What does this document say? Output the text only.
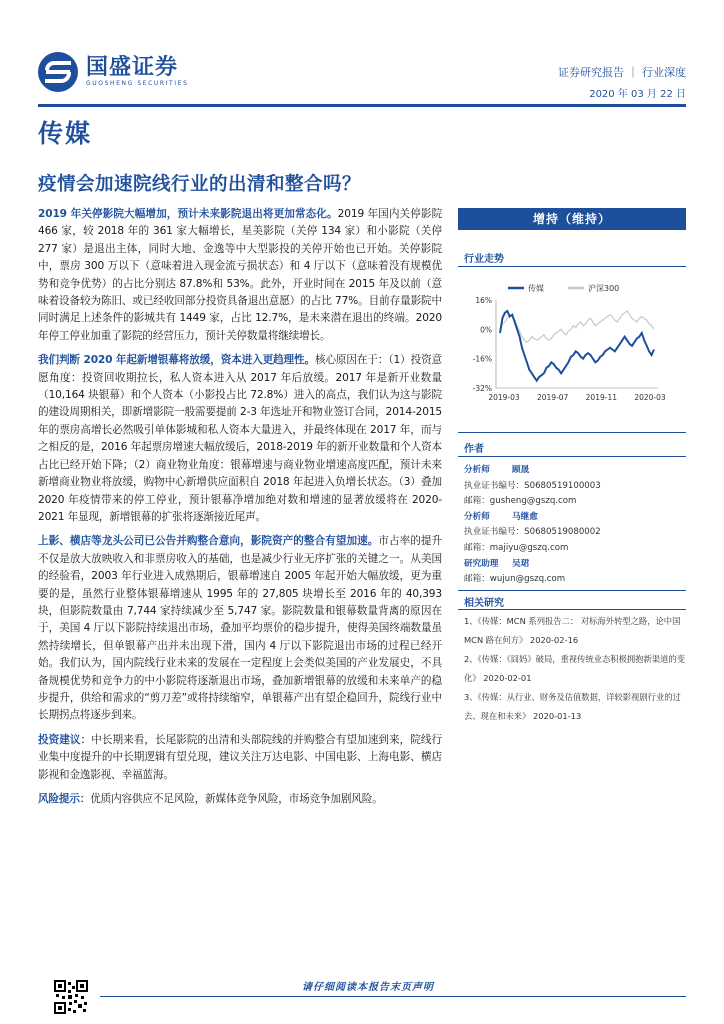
国盛证券
GUOSHENG SECURITIES
证券研究报告 ｜ 行业深度
2020 年 03 月 22 日
传媒
疫情会加速院线行业的出清和整合吗？

2019 年关停影院大幅增加，预计未来影院退出将更加常态化。2019 年国内关停影院 466 家，较 2018 年的 361 家大幅增长，星美影院（关停 134 家）和小影院（关停 277 家）是退出主体，同时大地、金逸等中大型影投的关停开始也已开始。关停影院中，票房 300 万以下（意味着进入现金流亏损状态）和 4 厅以下（意味着没有规模优势和竞争优势）的占比分别达 87.8%和 53%。此外，开业时间在 2015 年及以前（意味着设备较为陈旧、或已经收回部分投资具备退出意愿）的占比 77%。目前存量影院中同时满足上述条件的影城共有 1449 家，占比 12.7%，是未来潜在退出的终端。2020 年停工停业加重了影院的经营压力，预计关停数量将继续增长。

我们判断 2020 年起新增银幕将放缓，资本进入更趋理性。核心原因在于：（1）投资意愿角度：投资回收期拉长，私人资本进入从 2017 年后放缓。2017 年是新开业数量（10,164 块银幕）和个人资本（小影投占比 72.8%）进入的高点，我们认为这与影院的建设周期相关，即新增影院一般需要提前 2-3 年选址开和物业签订合同，2014-2015 年的票房高增长必然吸引单体影城和私人资本大量进入，并最终体现在 2017 年，而与之相反的是，2016 年起票房增速大幅放缓后，2018-2019 年的新开业数量和个人资本占比已经开始下降；（2）商业物业角度：银幕增速与商业物业增速高度匹配，预计未来新增商业物业将放缓，购物中心新增供应面积自 2018 年起进入负增长状态。（3）叠加 2020 年疫情带来的停工停业，预计银幕净增加绝对数和增速的显著放缓将在 2020-2021 年显现，新增银幕的扩张将逐渐接近尾声。

上影、横店等龙头公司已公告并购整合意向，影院资产的整合有望加速。市占率的提升不仅是放大放映收入和非票房收入的基础，也是减少行业无序扩张的关键之一。从美国的经验看，2003 年行业进入成熟期后，银幕增速自 2005 年起开始大幅放缓，更为重要的是，虽然行业整体银幕增速从 1995 年的 27,805 块增长至 2016 年的 40,393 块，但影院数量由 7,744 家持续减少至 5,747 家。影院数量和银幕数量背离的原因在于，美国 4 厅以下影院持续退出市场，叠加平均票价的稳步提升，使得美国终端数量虽然持续增长，但单银幕产出并未出现下滑，国内 4 厅以下影院退出市场的过程已经开始。我们认为，国内院线行业未来的发展在一定程度上会类似美国的产业发展史，不具备规模优势和竞争力的中小影院将逐渐退出市场，叠加新增银幕的放缓和未来单产的稳步提升，供给和需求的“剪刀差”或将持续缩窄，单银幕产出有望企稳回升，院线行业中长期拐点将逐步到来。

投资建议：中长期来看，长尾影院的出清和头部院线的并购整合有望加速到来，院线行业集中度提升的中长期逻辑有望兑现，建议关注万达电影、中国电影、上海电影、横店影视和金逸影视、幸福蓝海。

风险提示：优质内容供应不足风险，新媒体竞争风险，市场竞争加剧风险。

增持（维持）
行业走势
传媒	沪深300
16%
0%
-16%
-32%
2019-03 2019-07 2019-11 2020-03
作者
分析师	顾晟
执业证书编号：S0680519100003
邮箱：gusheng@gszq.com
分析师	马继愈
执业证书编号：S0680519080002
邮箱：majiyu@gszq.com
研究助理 吴珺
邮箱：wujun@gszq.com
相关研究
1、《传媒：MCN 系列报告二： 对标海外转型之路，论中国 MCN 路在何方》 2020-02-16
2、《传媒：《囧妈》破局，重视传统业态积极拥抱新渠道的变化》 2020-02-01
3、《传媒：从行业、财务及估值数据，详较影视剧行业的过去、现在和未来》 2020-01-13
请仔细阅读本报告末页声明
